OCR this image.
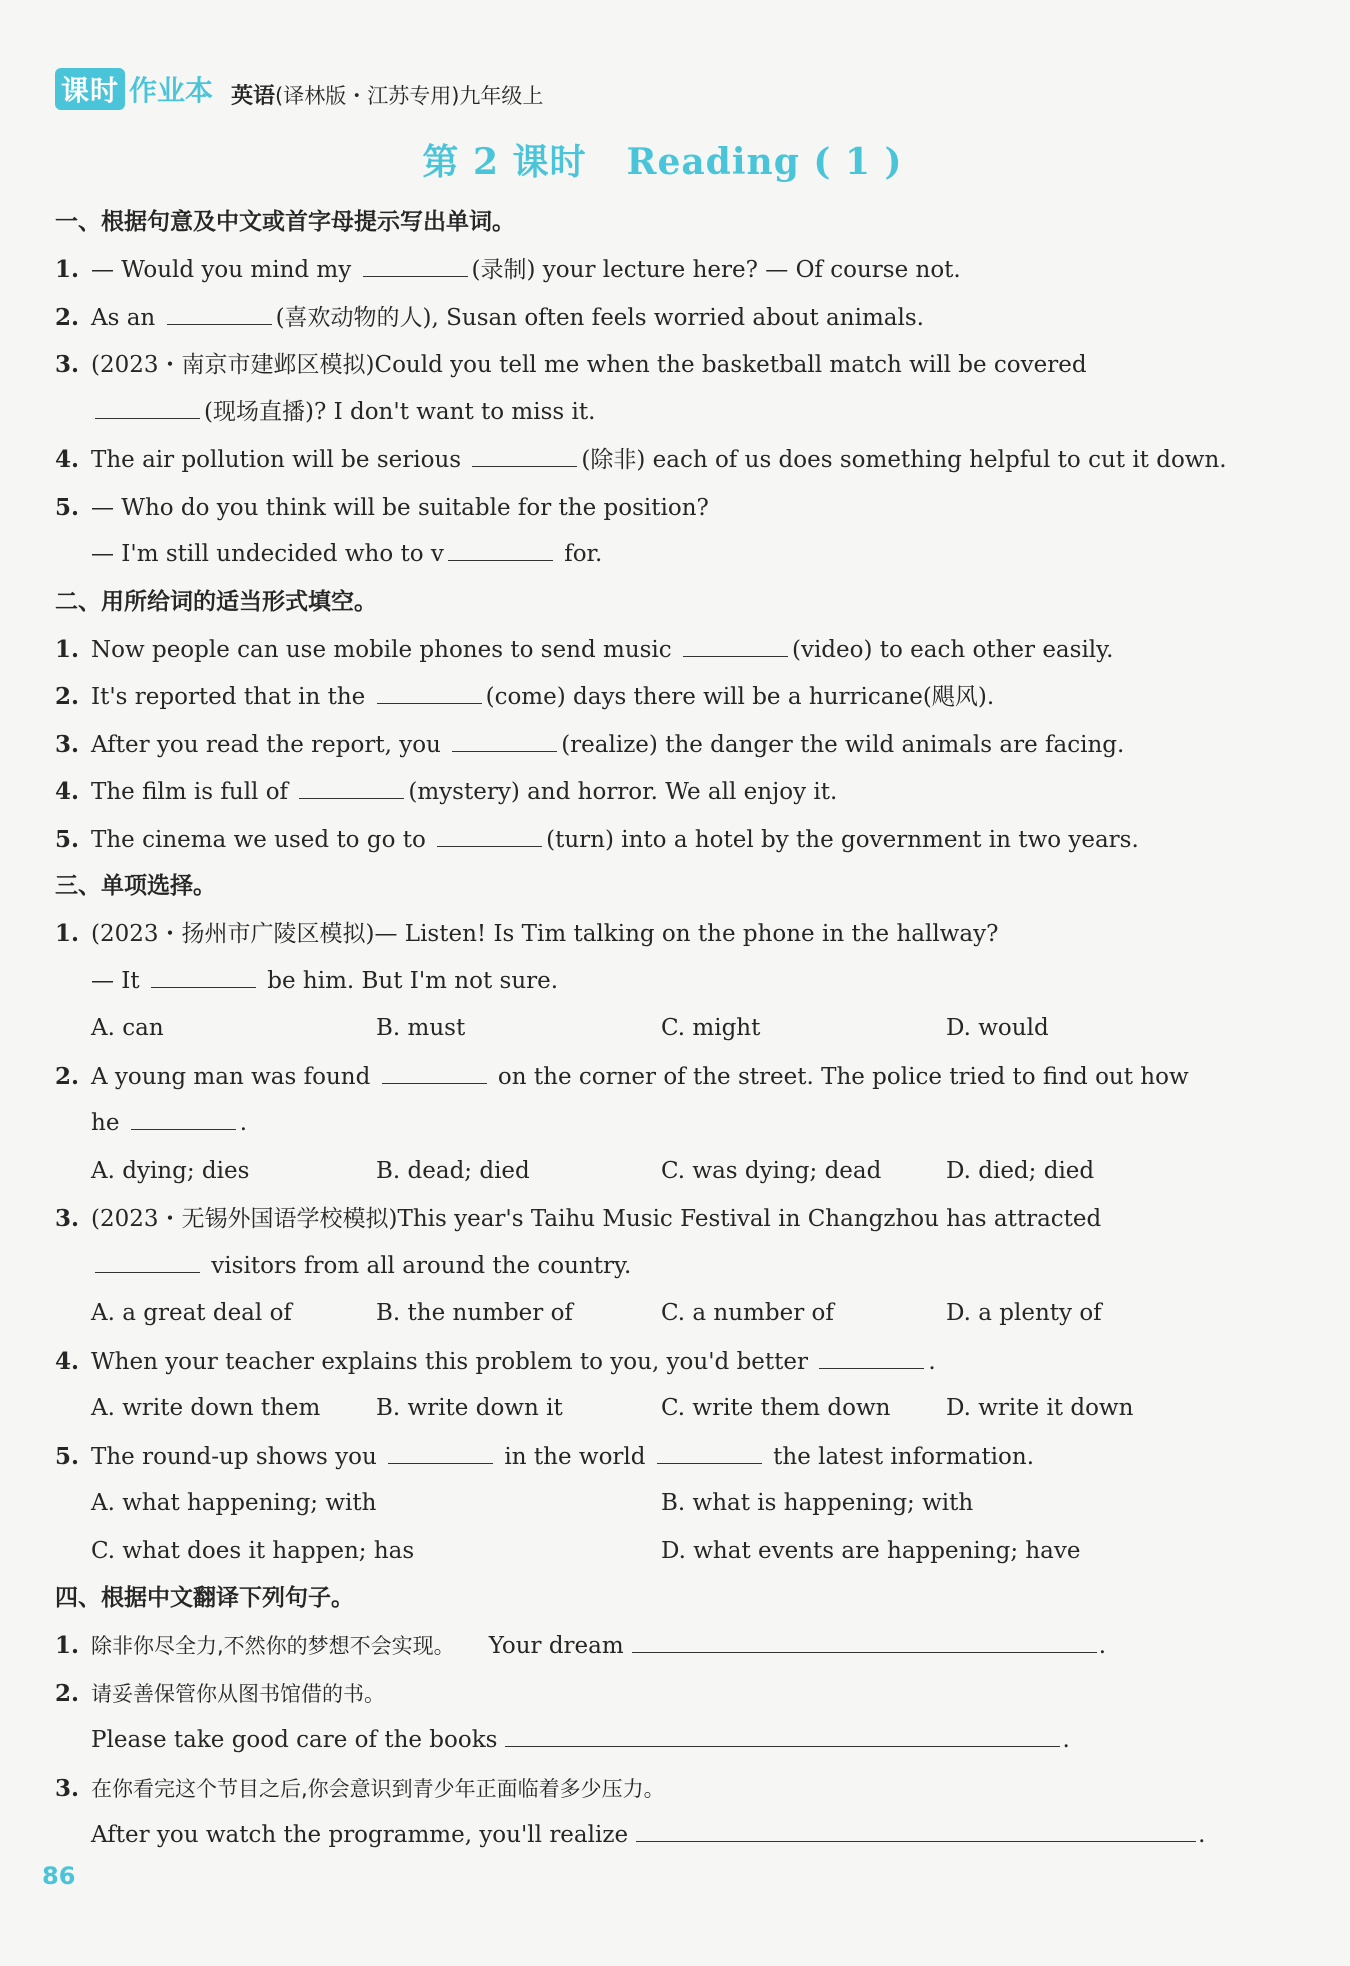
课时 作业本 英语 (译林版・江苏专用)九年级上
第 2 课时 Reading ( 1 )
一、根据句意及中文或首字母提示写出单词。
1. — Would you mind my	(录制) your lecture here? — Of course not.
2. As an	(喜欢动物的人), Susan often feels worried about animals.
3. (2023・南京市建邺区模拟)Could you tell me when the basketball match will be covered
(现场直播)? I don't want to miss it.
4. The air pollution will be serious	(除非) each of us does something helpful to cut it down.
5. — Who do you think will be suitable for the position?
— I'm still undecided who to v	for.
二、用所给词的适当形式填空。
1. Now people can use mobile phones to send music	(video) to each other easily.
2. It's reported that in the	(come) days there will be a hurricane(飓风).
3. After you read the report, you	(realize) the danger the wild animals are facing.
4. The film is full of	(mystery) and horror. We all enjoy it.
5. The cinema we used to go to	(turn) into a hotel by the government in two years.
三、单项选择。
1. (2023・扬州市广陵区模拟)— Listen! Is Tim talking on the phone in the hallway?
— It	be him. But I'm not sure.
A. can	B. must	C. might	D. would
2. A young man was found	on the corner of the street. The police tried to find out how
he	.
A. dying; dies	B. dead; died	C. was dying; dead	D. died; died
3. (2023・无锡外国语学校模拟)This year's Taihu Music Festival in Changzhou has attracted
visitors from all around the country.
A. a great deal of	B. the number of	C. a number of	D. a plenty of
4. When your teacher explains this problem to you, you'd better	.
A. write down them	B. write down it	C. write them down	D. write it down
5. The round-up shows you	in the world	the latest information.
A. what happening; with	B. what is happening; with
C. what does it happen; has	D. what events are happening; have
四、根据中文翻译下列句子。
1. 除非你尽全力,不然你的梦想不会实现。 Your dream	.
2. 请妥善保管你从图书馆借的书。
Please take good care of the books	.
3. 在你看完这个节目之后,你会意识到青少年正面临着多少压力。
After you watch the programme, you'll realize	.
86
